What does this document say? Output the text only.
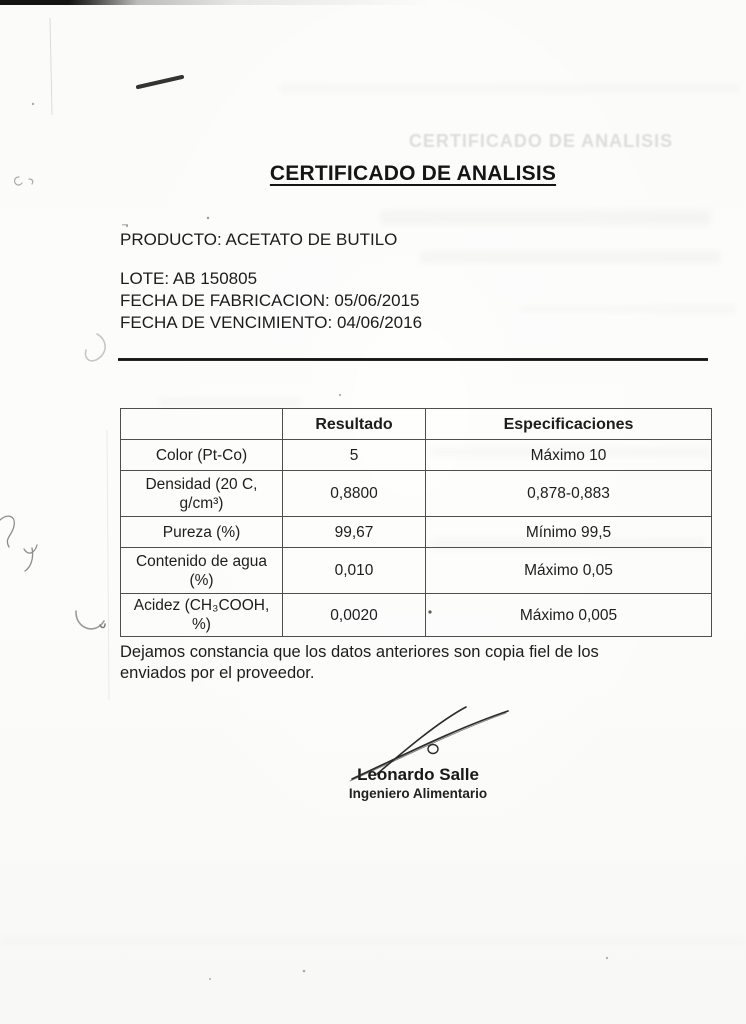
CERTIFICADO DE ANALISIS
CERTIFICADO DE ANALISIS
PRODUCTO: ACETATO DE BUTILO
LOTE: AB 150805
FECHA DE FABRICACION: 05/06/2015
FECHA DE VENCIMIENTO: 04/06/2016
	Resultado	Especificaciones
Color (Pt-Co)	5	Máximo 10
Densidad (20 C, g/cm³)	0,8800	0,878-0,883
Pureza (%)	99,67	Mínimo 99,5
Contenido de agua (%)	0,010	Máximo 0,05
Acidez (CH₃COOH, %)	0,0020	Máximo 0,005
Dejamos constancia que los datos anteriores son copia fiel de los enviados por el proveedor.
Leonardo Salle
Ingeniero Alimentario
